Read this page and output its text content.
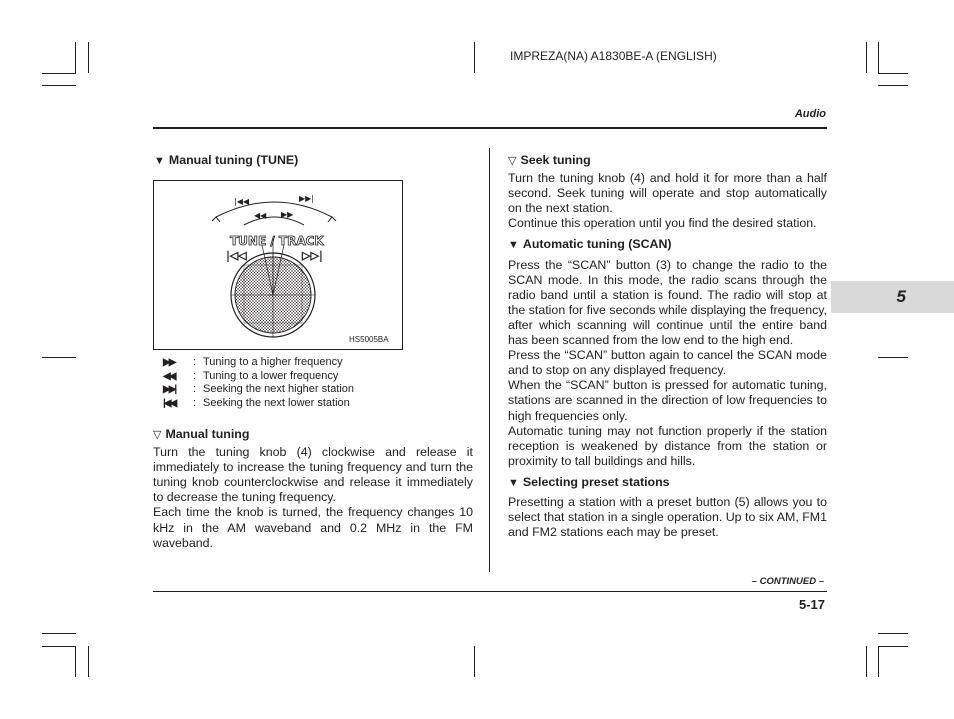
IMPREZA(NA) A1830BE-A (ENGLISH)
Audio
▼ Manual tuning (TUNE)
|◀◀	▶▶|
◀◀ ▶▶
TUNE / TRACK
|◁◁	▷▷|
HS5005BA
▶▶	: Tuning to a higher frequency
◀◀	: Tuning to a lower frequency
▶▶|	: Seeking the next higher station
|◀◀	: Seeking the next lower station
▽ Manual tuning

Turn the tuning knob (4) clockwise and release it immediately to increase the tuning frequency and turn the tuning knob counterclockwise and release it immediately to decrease the tuning frequency.

Each time the knob is turned, the frequency changes 10 kHz in the AM waveband and 0.2 MHz in the FM waveband.

▽ Seek tuning

Turn the tuning knob (4) and hold it for more than a half second. Seek tuning will operate and stop automatically on the next station.

Continue this operation until you find the desired station.

▼ Automatic tuning (SCAN)

Press the “SCAN” button (3) to change the radio to the SCAN mode. In this mode, the radio scans through the radio band until a station is found. The radio will stop at the station for five seconds while displaying the frequency, after which scanning will continue until the entire band has been scanned from the low end to the high end.

Press the “SCAN” button again to cancel the SCAN mode and to stop on any displayed frequency.

When the “SCAN” button is pressed for automatic tuning, stations are scanned in the direction of low frequencies to high frequencies only.

Automatic tuning may not function properly if the station reception is weakened by distance from the station or proximity to tall buildings and hills.

▼ Selecting preset stations

Presetting a station with a preset button (5) allows you to select that station in a single operation. Up to six AM, FM1 and FM2 stations each may be preset.

5
– CONTINUED –
5-17
